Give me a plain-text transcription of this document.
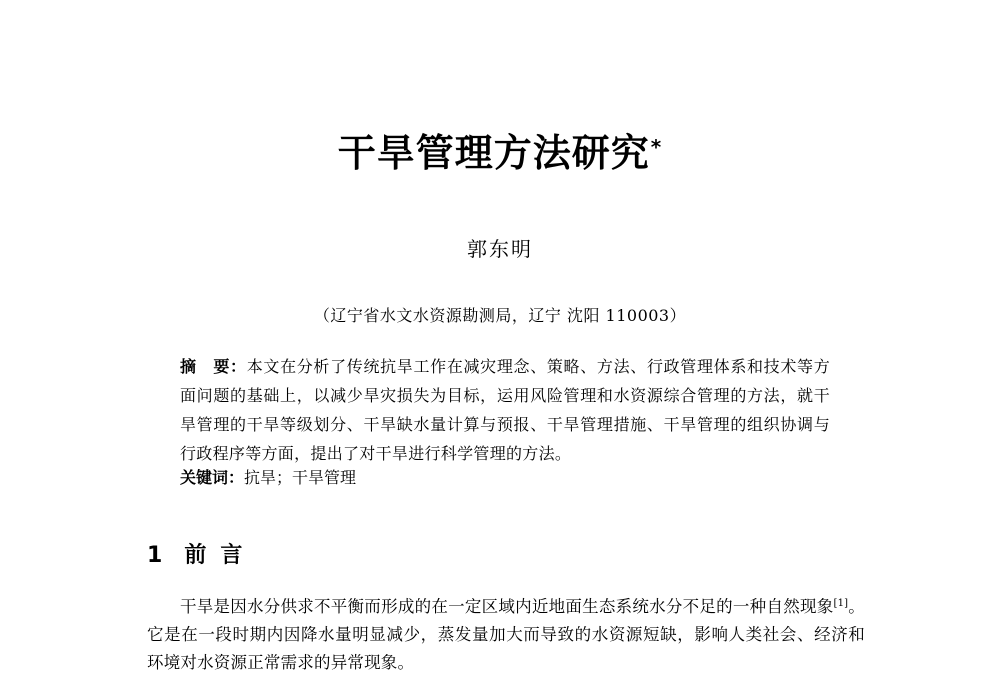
干旱管理方法研究*
郭东明
（辽宁省水文水资源勘测局，辽宁 沈阳 110003）
摘　要：本文在分析了传统抗旱工作在减灾理念、策略、方法、行政管理体系和技术等方面问题的基础上，以减少旱灾损失为目标，运用风险管理和水资源综合管理的方法，就干旱管理的干旱等级划分、干旱缺水量计算与预报、干旱管理措施、干旱管理的组织协调与行政程序等方面，提出了对干旱进行科学管理的方法。
关键词：抗旱；干旱管理
1 前言
干旱是因水分供求不平衡而形成的在一定区域内近地面生态系统水分不足的一种自然现象[1]。它是在一段时期内因降水量明显减少，蒸发量加大而导致的水资源短缺，影响人类社会、经济和环境对水资源正常需求的异常现象。
